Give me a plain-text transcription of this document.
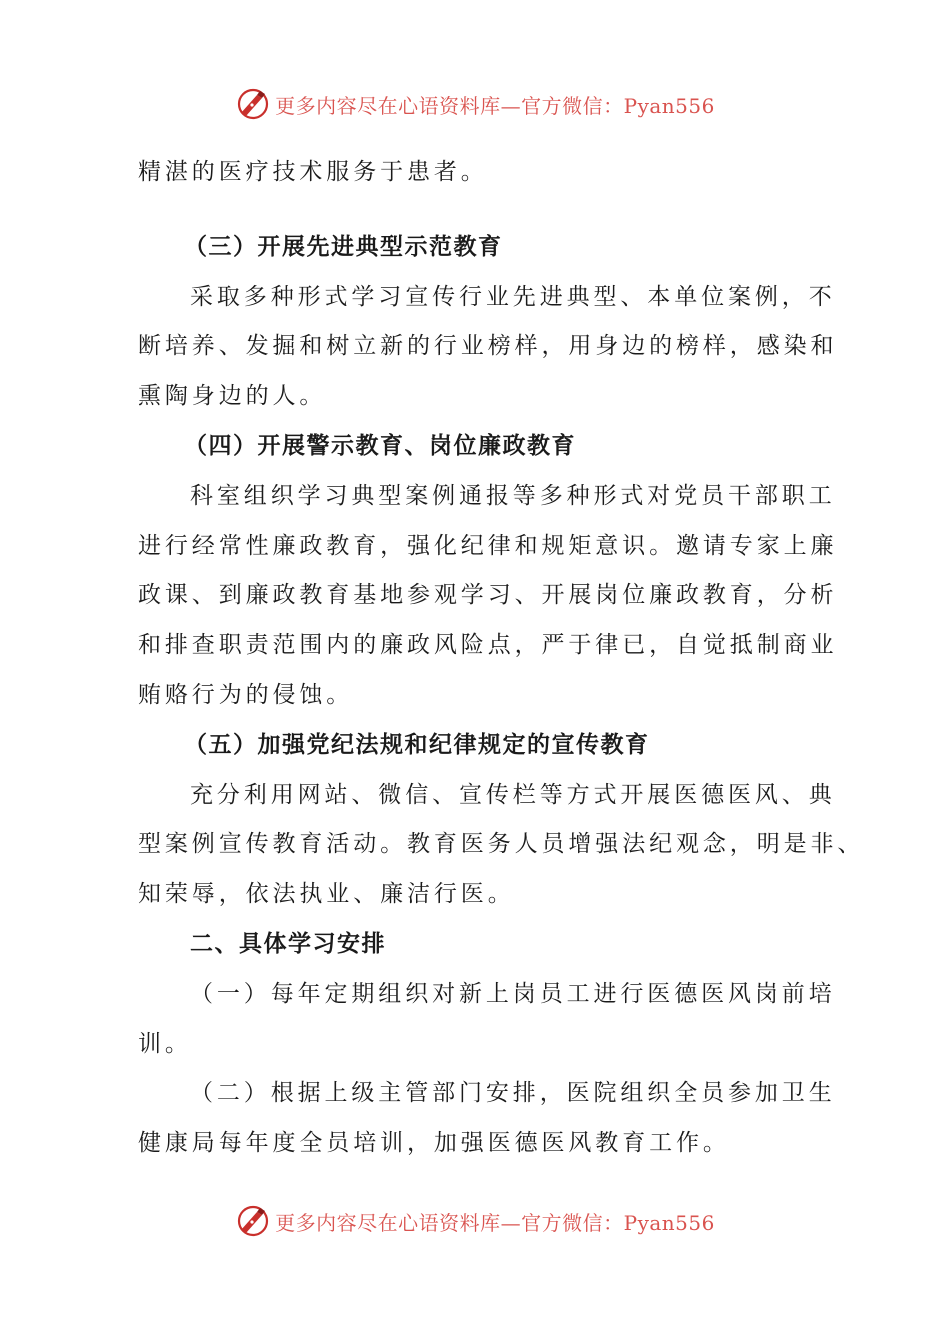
更多内容尽在心语资料库—官方微信：Pyan556
精湛的医疗技术服务于患者。
（三）开展先进典型示范教育
采取多种形式学习宣传行业先进典型、本单位案例，不
断培养、发掘和树立新的行业榜样，用身边的榜样，感染和
熏陶身边的人。
（四）开展警示教育、岗位廉政教育
科室组织学习典型案例通报等多种形式对党员干部职工
进行经常性廉政教育，强化纪律和规矩意识。邀请专家上廉
政课、到廉政教育基地参观学习、开展岗位廉政教育，分析
和排查职责范围内的廉政风险点，严于律已，自觉抵制商业
贿赂行为的侵蚀。
（五）加强党纪法规和纪律规定的宣传教育
充分利用网站、微信、宣传栏等方式开展医德医风、典
型案例宣传教育活动。教育医务人员增强法纪观念，明是非、
知荣辱，依法执业、廉洁行医。
二、具体学习安排
（一）每年定期组织对新上岗员工进行医德医风岗前培
训。
（二）根据上级主管部门安排，医院组织全员参加卫生
健康局每年度全员培训，加强医德医风教育工作。
更多内容尽在心语资料库—官方微信：Pyan556
